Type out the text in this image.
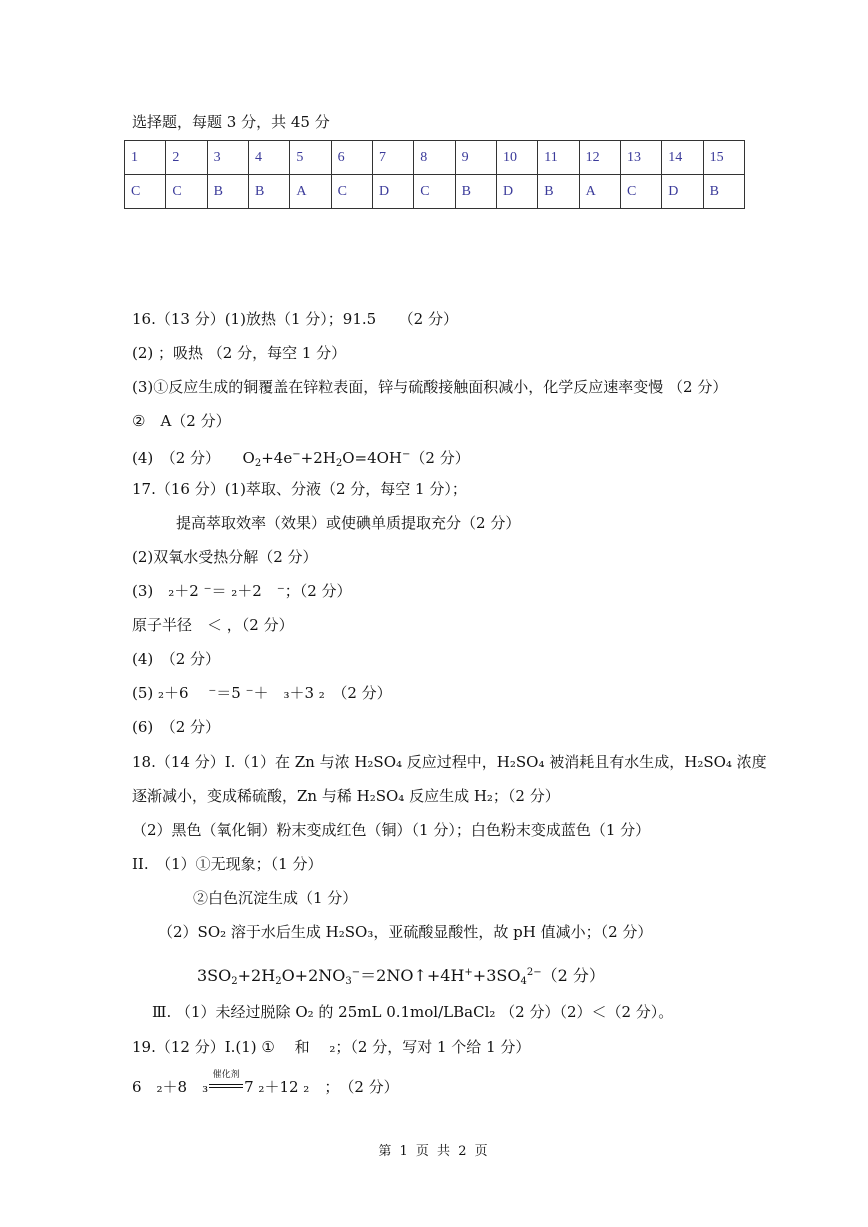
选择题，每题 3 分，共 45 分
1	2	3	4	5	6	7	8	9	10	11	12	13	14	15
C	C	B	B	A	C	D	C	B	D	B	A	C	D	B
16.（13 分）(1)放热（1 分）；91.5　　（2 分）
(2) ；吸热 （2 分，每空 1 分）
(3)①反应生成的铜覆盖在锌粒表面，锌与硫酸接触面积减小，化学反应速率变慢 （2 分）
②　A（2 分）
(4)　（2 分）　　$O_2+4e^-+2H_2O=4OH^-(2$ 分）
17.（16 分）(1)萃取、分液（2 分，每空 1 分）；
提高萃取效率（效果）或使碘单质提取充分（2 分）
(2)双氧水受热分解（2 分）
(3)　₂＋2 ⁻＝ ₂＋2　⁻；（2 分）
原子半径　＜ ，（2 分）
(4)　（2 分）
(5) ₂＋6　 ⁻＝5 ⁻＋　₃＋3 ₂　（2 分）
(6)　（2 分）
18.（14 分）Ⅰ.（1）在 Zn 与浓 H₂SO₄ 反应过程中，H₂SO₄ 被消耗且有水生成，H₂SO₄ 浓度
逐渐减小，变成稀硫酸，Zn 与稀 H₂SO₄ 反应生成 H₂；（2 分）
（2）黑色（氧化铜）粉末变成红色（铜）（1 分）；白色粉末变成蓝色（1 分）
II.　（1）①无现象；（1 分）
②白色沉淀生成（1 分）
（2）SO₂ 溶于水后生成 H₂SO₃，亚硫酸显酸性，故 pH 值减小；（2 分）
$3SO_2+2H_2O+2NO_3^-=2NO↑+4H^++3SO_4^{2-}(2$ 分）
Ⅲ. （1）未经过脱除 O₂ 的 25mL 0.1mol/LBaCl₂ （2 分）（2）＜（2 分）。
19.（12 分）I.(1) ①　 和 　₂；（2 分，写对 1 个给 1 分）
6　₂＋8　₃
催化剂
7 ₂＋12 ₂　；　（2 分）
第 1 页 共 2 页
